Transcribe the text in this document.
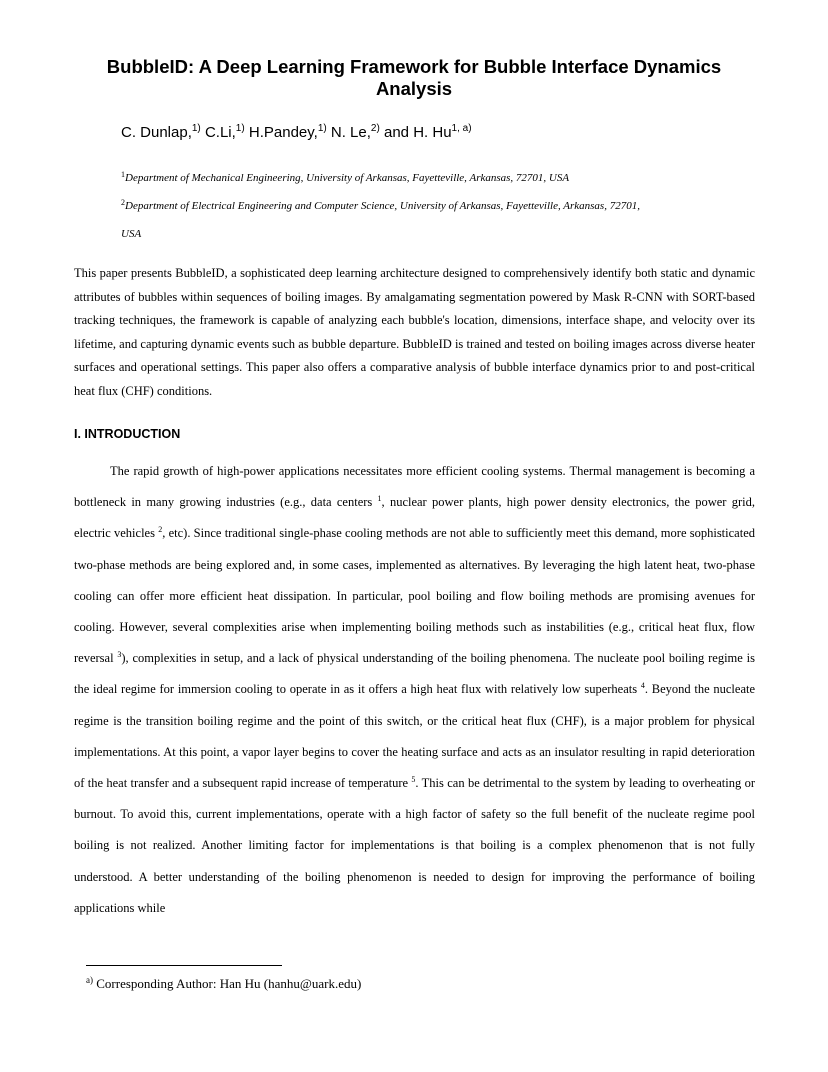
BubbleID: A Deep Learning Framework for Bubble Interface Dynamics Analysis
C. Dunlap,$^{1)}$ C.Li,$^{1)}$ H.Pandey,$^{1)}$ N. Le,$^{2)}$ and H. Hu$^{1, a)}$
$^1$Department of Mechanical Engineering, University of Arkansas, Fayetteville, Arkansas, 72701, USA
$^2$Department of Electrical Engineering and Computer Science, University of Arkansas, Fayetteville, Arkansas, 72701,
USA
This paper presents BubbleID, a sophisticated deep learning architecture designed to comprehensively identify both static and dynamic attributes of bubbles within sequences of boiling images. By amalgamating segmentation powered by Mask R-CNN with SORT-based tracking techniques, the framework is capable of analyzing each bubble's location, dimensions, interface shape, and velocity over its lifetime, and capturing dynamic events such as bubble departure. BubbleID is trained and tested on boiling images across diverse heater surfaces and operational settings. This paper also offers a comparative analysis of bubble interface dynamics prior to and post-critical heat flux (CHF) conditions.
I. INTRODUCTION

The rapid growth of high-power applications necessitates more efficient cooling systems. Thermal management is becoming a bottleneck in many growing industries (e.g., data centers $^1$, nuclear power plants, high power density electronics, the power grid, electric vehicles $^2$, etc). Since traditional single-phase cooling methods are not able to sufficiently meet this demand, more sophisticated two-phase methods are being explored and, in some cases, implemented as alternatives. By leveraging the high latent heat, two-phase cooling can offer more efficient heat dissipation. In particular, pool boiling and flow boiling methods are promising avenues for cooling. However, several complexities arise when implementing boiling methods such as instabilities (e.g., critical heat flux, flow reversal $^3$), complexities in setup, and a lack of physical understanding of the boiling phenomena. The nucleate pool boiling regime is the ideal regime for immersion cooling to operate in as it offers a high heat flux with relatively low superheats $^4$. Beyond the nucleate regime is the transition boiling regime and the point of this switch, or the critical heat flux (CHF), is a major problem for physical implementations. At this point, a vapor layer begins to cover the heating surface and acts as an insulator resulting in rapid deterioration of the heat transfer and a subsequent rapid increase of temperature $^5$. This can be detrimental to the system by leading to overheating or burnout. To avoid this, current implementations, operate with a high factor of safety so the full benefit of the nucleate regime pool boiling is not realized. Another limiting factor for implementations is that boiling is a complex phenomenon that is not fully understood. A better understanding of the boiling phenomenon is needed to design for improving the performance of boiling applications while

$^{a)}$ Corresponding Author: Han Hu (hanhu@uark.edu)
